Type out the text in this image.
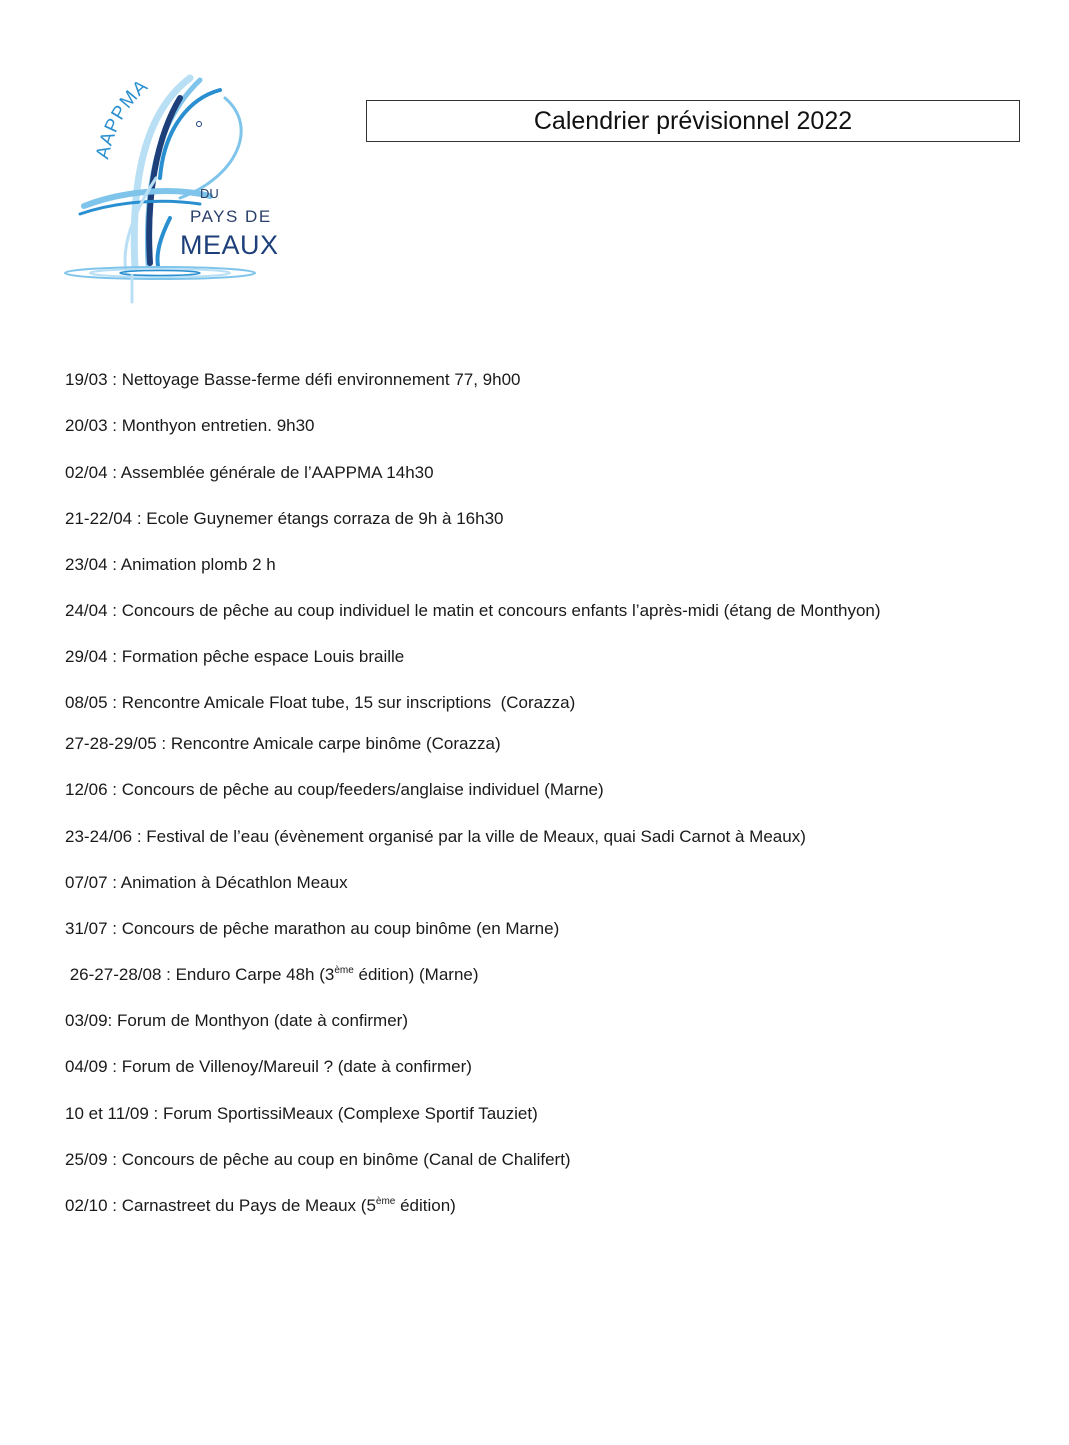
AAPPMA
DU
PAYS DE
MEAUX
Calendrier prévisionnel 2022
19/03 : Nettoyage Basse-ferme défi environnement 77, 9h00
20/03 : Monthyon entretien. 9h30
02/04 : Assemblée générale de l’AAPPMA 14h30
21-22/04 : Ecole Guynemer étangs corraza de 9h à 16h30
23/04 : Animation plomb 2 h
24/04 : Concours de pêche au coup individuel le matin et concours enfants l’après-midi (étang de Monthyon)
29/04 : Formation pêche espace Louis braille
08/05 : Rencontre Amicale Float tube, 15 sur inscriptions  (Corazza)
27-28-29/05 : Rencontre Amicale carpe binôme (Corazza)
12/06 : Concours de pêche au coup/feeders/anglaise individuel (Marne)
23-24/06 : Festival de l’eau (évènement organisé par la ville de Meaux, quai Sadi Carnot à Meaux)
07/07 : Animation à Décathlon Meaux
31/07 : Concours de pêche marathon au coup binôme (en Marne)
26-27-28/08 : Enduro Carpe 48h (3ème édition) (Marne)
03/09: Forum de Monthyon (date à confirmer)
04/09 : Forum de Villenoy/Mareuil ? (date à confirmer)
10 et 11/09 : Forum SportissiMeaux (Complexe Sportif Tauziet)
25/09 : Concours de pêche au coup en binôme (Canal de Chalifert)
02/10 : Carnastreet du Pays de Meaux (5ème édition)
